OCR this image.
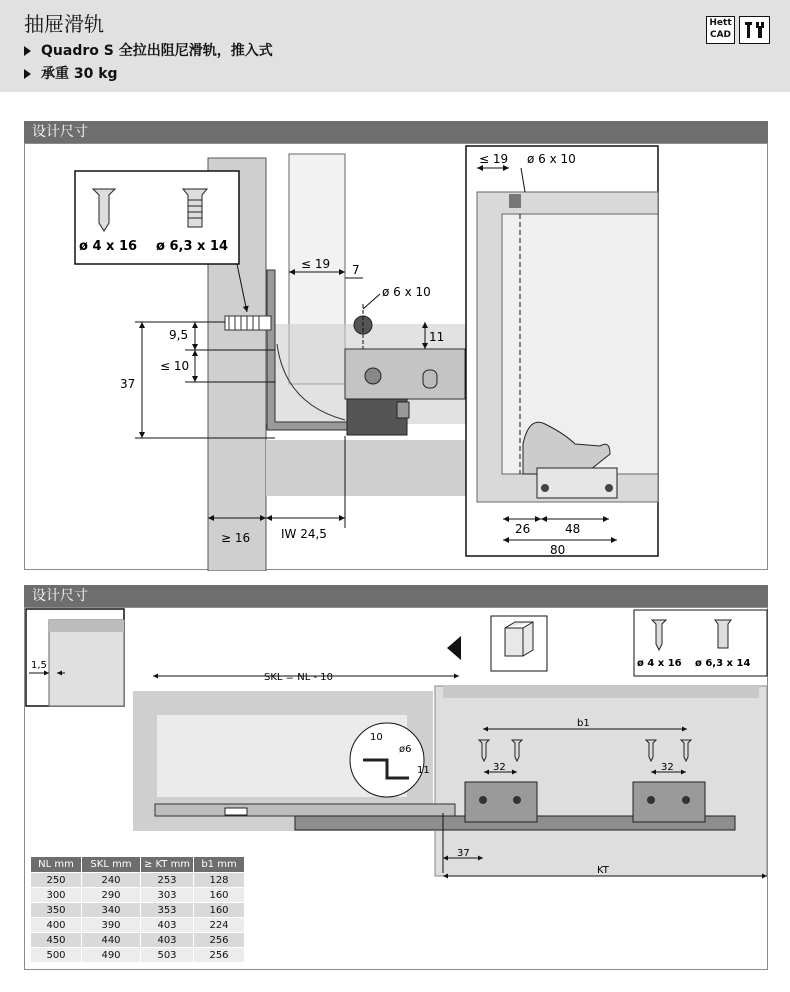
抽屉滑轨
Quadro S 全拉出阻尼滑轨，推入式
承重 30 kg
Hett
CAD
设计尺寸
ø 4 x 16 ø 6,3 x 14
≤ 19 7
ø 6 x 10
11
9,5
≤ 10
37
≥ 16	IW 24,5
≤ 19 ø 6 x 10
26	48
80
设计尺寸
1,5
SKL = NL - 10
10
ø6
11
ø 4 x 16 ø 6,3 x 14
b1
32	32
37
KT
NL mm	SKL mm	≥ KT mm	b1 mm
250	240	253	128
300	290	303	160
350	340	353	160
400	390	403	224
450	440	403	256
500	490	503	256
